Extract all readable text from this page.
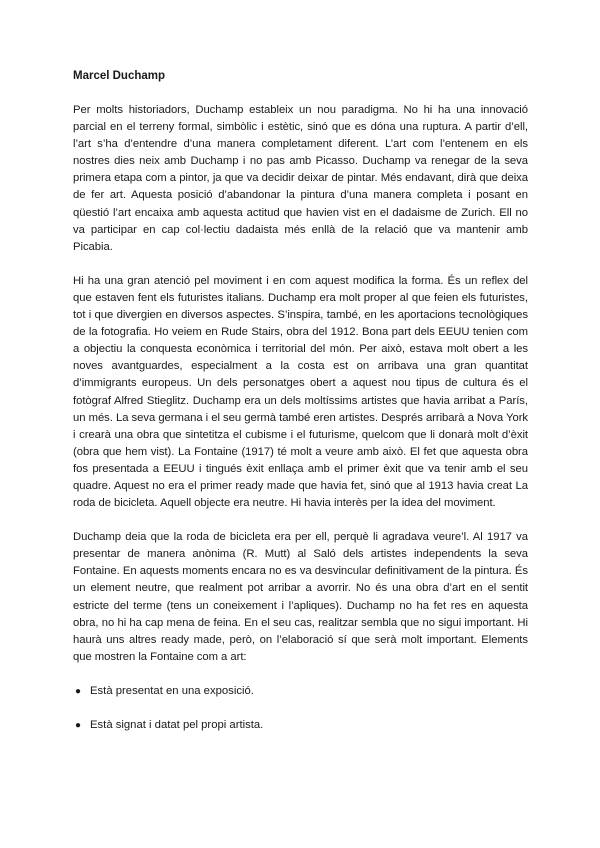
Marcel Duchamp

Per molts historiadors, Duchamp estableix un nou paradigma. No hi ha una innovació parcial en el terreny formal, simbòlic i estètic, sinó que es dóna una ruptura. A partir d’ell, l’art s’ha d’entendre d’una manera completament diferent. L’art com l’entenem en els nostres dies neix amb Duchamp i no pas amb Picasso. Duchamp va renegar de la seva primera etapa com a pintor, ja que va decidir deixar de pintar. Més endavant, dirà que deixa de fer art. Aquesta posició d’abandonar la pintura d’una manera completa i posant en qüestió l’art encaixa amb aquesta actitud que havien vist en el dadaisme de Zurich. Ell no va participar en cap col·lectiu dadaista més enllà de la relació que va mantenir amb Picabia.

Hi ha una gran atenció pel moviment i en com aquest modifica la forma. És un reflex del que estaven fent els futuristes italians. Duchamp era molt proper al que feien els futuristes, tot i que divergien en diversos aspectes. S’inspira, també, en les aportacions tecnològiques de la fotografia. Ho veiem en Rude Stairs, obra del 1912. Bona part dels EEUU tenien com a objectiu la conquesta econòmica i territorial del món. Per això, estava molt obert a les noves avantguardes, especialment a la costa est on arribava una gran quantitat d’immigrants europeus. Un dels personatges obert a aquest nou tipus de cultura és el fotògraf Alfred Stieglitz. Duchamp era un dels moltíssims artistes que havia arribat a París, un més. La seva germana i el seu germà també eren artistes. Després arribarà a Nova York i crearà una obra que sintetitza el cubisme i el futurisme, quelcom que li donarà molt d’èxit (obra que hem vist). La Fontaine (1917) té molt a veure amb això. El fet que aquesta obra fos presentada a EEUU i tingués èxit enllaça amb el primer èxit que va tenir amb el seu quadre. Aquest no era el primer ready made que havia fet, sinó que al 1913 havia creat La roda de bicicleta. Aquell objecte era neutre. Hi havia interès per la idea del moviment.

Duchamp deia que la roda de bicicleta era per ell, perquè li agradava veure’l. Al 1917 va presentar de manera anònima (R. Mutt) al Saló dels artistes independents la seva Fontaine. En aquests moments encara no es va desvincular definitivament de la pintura. És un element neutre, que realment pot arribar a avorrir. No és una obra d’art en el sentit estricte del terme (tens un coneixement i l’apliques). Duchamp no ha fet res en aquesta obra, no hi ha cap mena de feina. En el seu cas, realitzar sembla que no sigui important. Hi haurà uns altres ready made, però, on l’elaboració sí que serà molt important. Elements que mostren la Fontaine com a art:

● Està presentat en una exposició.
● Està signat i datat pel propi artista.
